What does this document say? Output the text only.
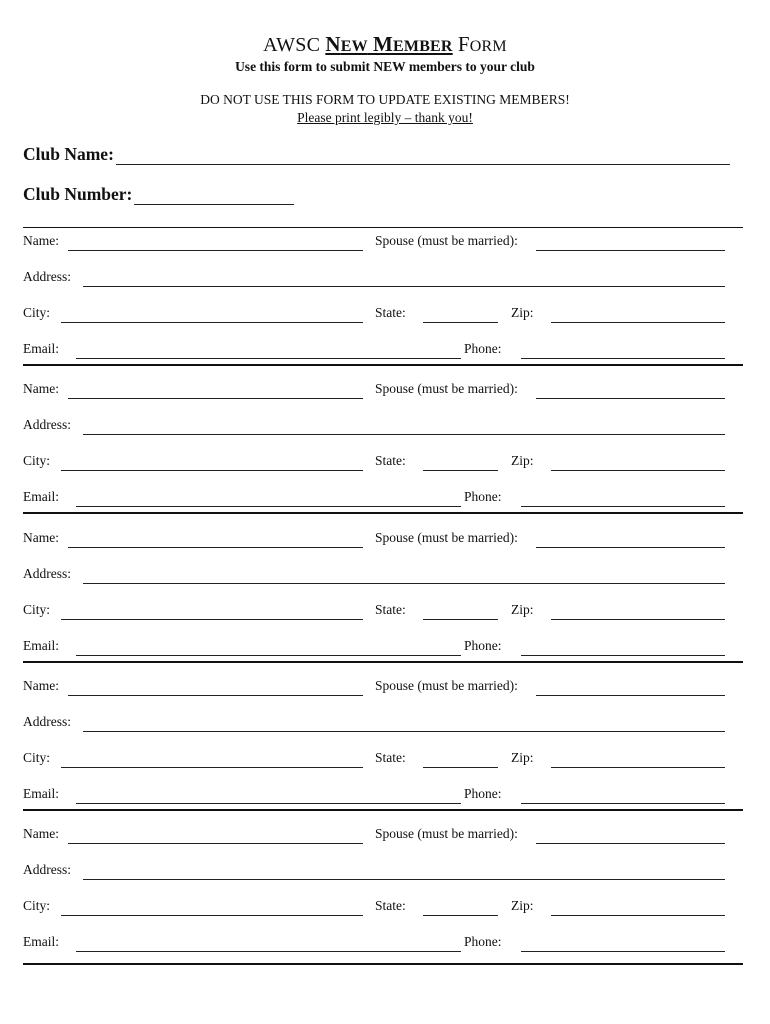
AWSC NEW MEMBER FORM
Use this form to submit NEW members to your club
DO NOT USE THIS FORM TO UPDATE EXISTING MEMBERS!
Please print legibly – thank you!
Club Name:
Club Number:
Name:	Spouse (must be married):
Address:
City:	State:	Zip:
Email:	Phone:
Name:	Spouse (must be married):
Address:
City:	State:	Zip:
Email:	Phone:
Name:	Spouse (must be married):
Address:
City:	State:	Zip:
Email:	Phone:
Name:	Spouse (must be married):
Address:
City:	State:	Zip:
Email:	Phone:
Name:	Spouse (must be married):
Address:
City:	State:	Zip:
Email:	Phone:
